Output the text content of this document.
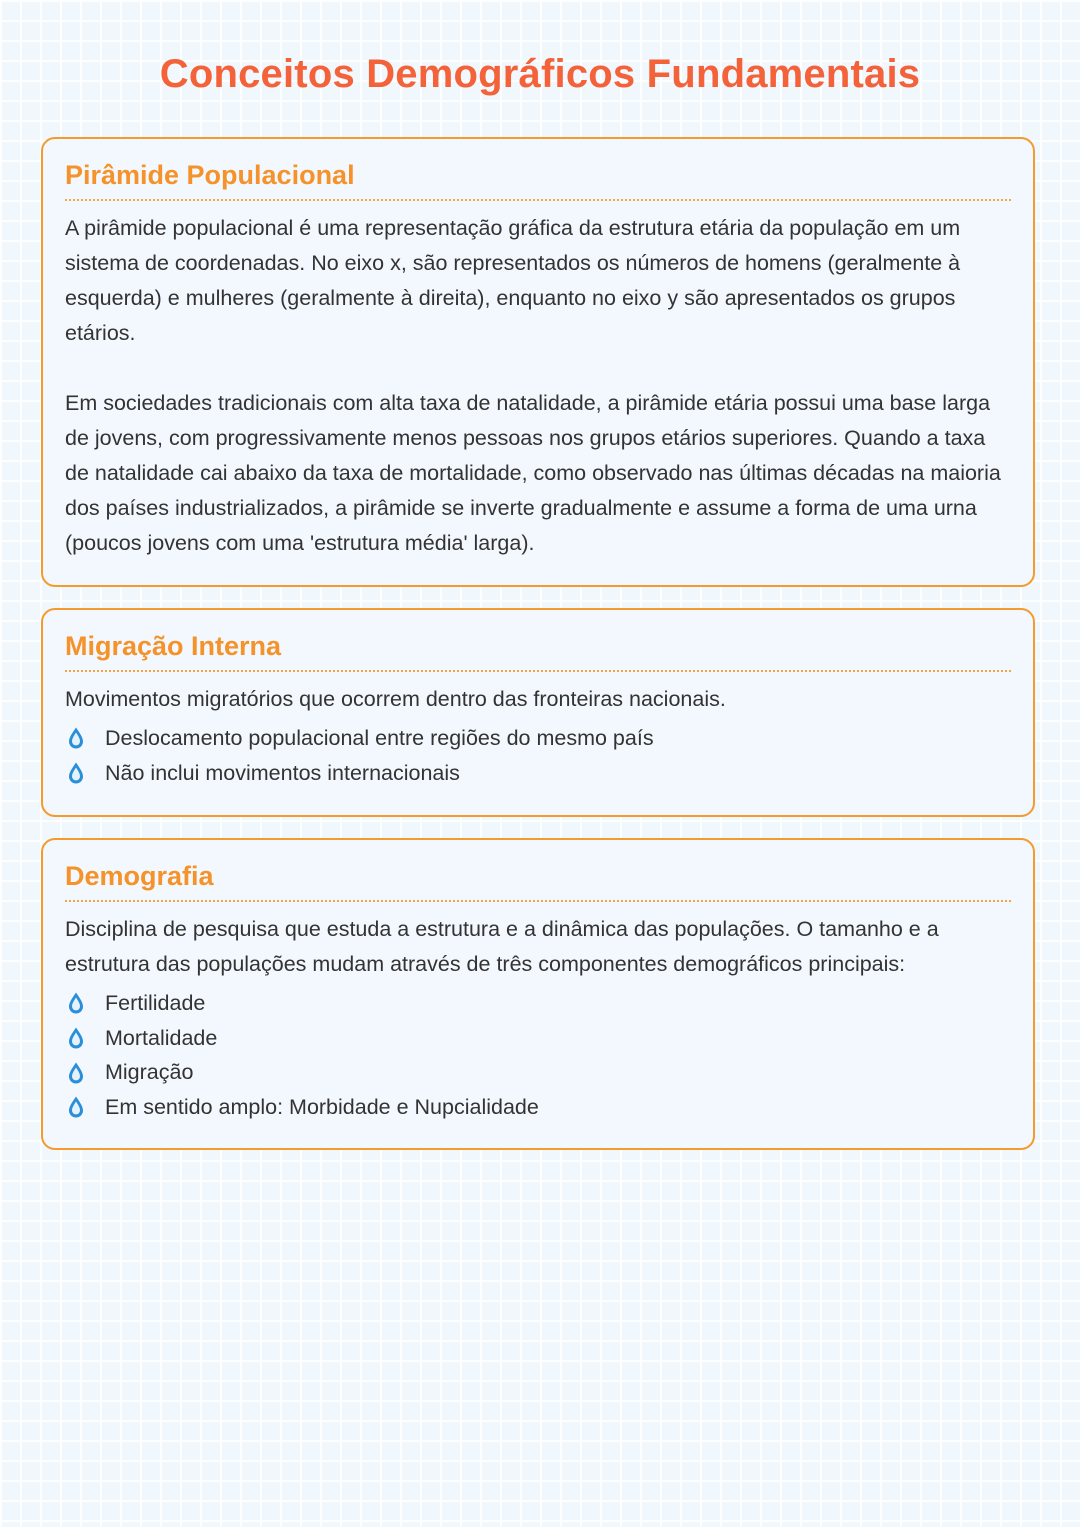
Conceitos Demográficos Fundamentais
Pirâmide Populacional

A pirâmide populacional é uma representação gráfica da estrutura etária da população em um sistema de coordenadas. No eixo x, são representados os números de homens (geralmente à esquerda) e mulheres (geralmente à direita), enquanto no eixo y são apresentados os grupos etários.

Em sociedades tradicionais com alta taxa de natalidade, a pirâmide etária possui uma base larga de jovens, com progressivamente menos pessoas nos grupos etários superiores. Quando a taxa de natalidade cai abaixo da taxa de mortalidade, como observado nas últimas décadas na maioria dos países industrializados, a pirâmide se inverte gradualmente e assume a forma de uma urna (poucos jovens com uma 'estrutura média' larga).

Migração Interna

Movimentos migratórios que ocorrem dentro das fronteiras nacionais.

Deslocamento populacional entre regiões do mesmo país
Não inclui movimentos internacionais
Demografia

Disciplina de pesquisa que estuda a estrutura e a dinâmica das populações. O tamanho e a estrutura das populações mudam através de três componentes demográficos principais:

Fertilidade
Mortalidade
Migração
Em sentido amplo: Morbidade e Nupcialidade
